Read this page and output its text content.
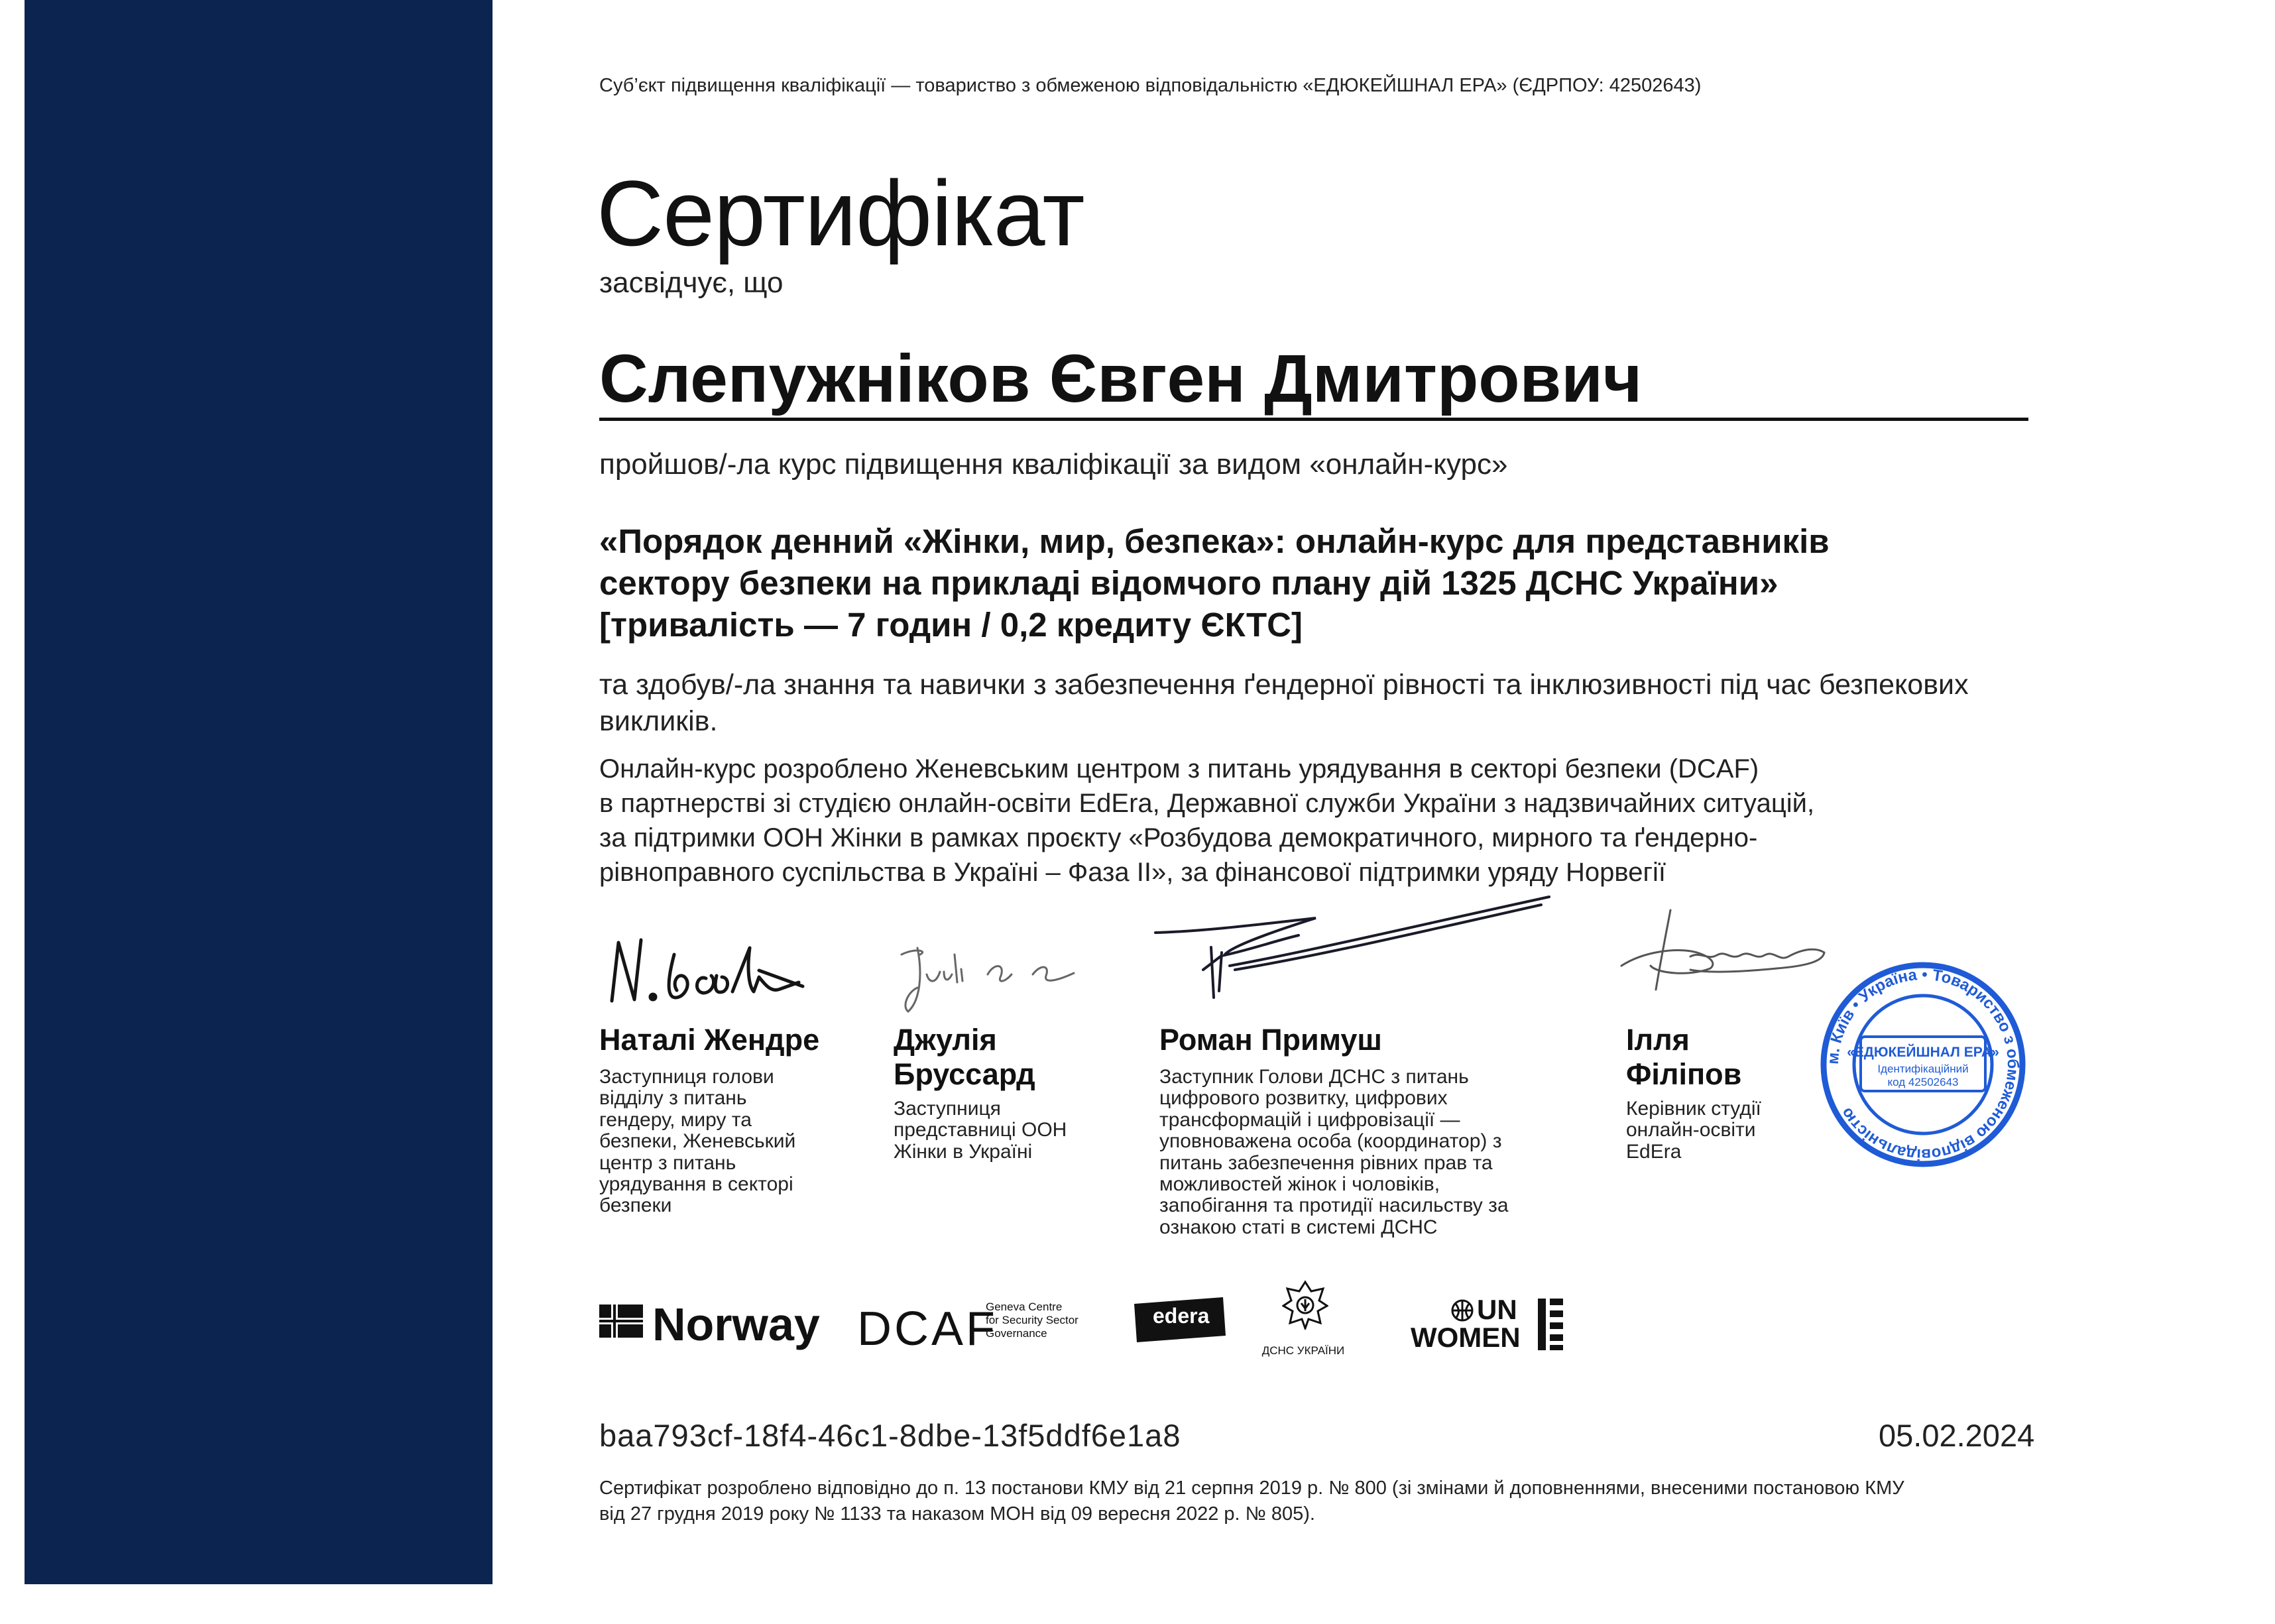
Суб’єкт підвищення кваліфікації — товариство з обмеженою відповідальністю «ЕДЮКЕЙШНАЛ ЕРА» (ЄДРПОУ: 42502643)
Сертифікат
засвідчує, що
Слепужніков Євген Дмитрович
пройшов/-ла курс підвищення кваліфікації за видом «онлайн-курс»
«Порядок денний «Жінки, мир, безпека»: онлайн-курс для представників
сектору безпеки на прикладі відомчого плану дій 1325 ДСНС України»
[тривалість — 7 годин / 0,2 кредиту ЄКТС]
та здобув/-ла знання та навички з забезпечення ґендерної рівності та інклюзивності під час безпекових викликів.
Онлайн-курс розроблено Женевським центром з питань урядування в секторі безпеки (DCAF)
в партнерстві зі студією онлайн-освіти EdEra, Державної служби України з надзвичайних ситуацій,
за підтримки ООН Жінки в рамках проєкту «Розбудова демократичного, мирного та ґендерно-
рівноправного суспільства в Україні – Фаза ІІ», за фінансової підтримки уряду Норвегії
Наталі Жендре
Заступниця голови відділу з питань гендеру, миру та безпеки, Женевський центр з питань урядування в секторі безпеки
Джулія Бруссард
Заступниця представниці ООН Жінки в Україні
Роман Примуш
Заступник Голови ДСНС з питань цифрового розвитку, цифрових трансформацій і цифровізації — уповноважена особа (координатор) з питань забезпечення рівних прав та можливостей жінок і чоловіків, запобігання та протидії насильству за ознакою статі в системі ДСНС
Ілля Філіпов
Керівник студії онлайн-освіти EdEra
м. Київ • Україна • Товариство з обмеженою відповідальністю
«ЕДЮКЕЙШНАЛ ЕРА»
Ідентифікаційний
код 42502643
Norway DCAF
Geneva Centre
for Security Sector
Governance
edera
ДСНС УКРАЇНИ
UN
WOMEN
baa793cf-18f4-46c1-8dbe-13f5ddf6e1a8	05.02.2024
Сертифікат розроблено відповідно до п. 13 постанови КМУ від 21 серпня 2019 р. № 800 (зі змінами й доповненнями, внесеними постановою КМУ
від 27 грудня 2019 року № 1133 та наказом МОН від 09 вересня 2022 р. № 805).
